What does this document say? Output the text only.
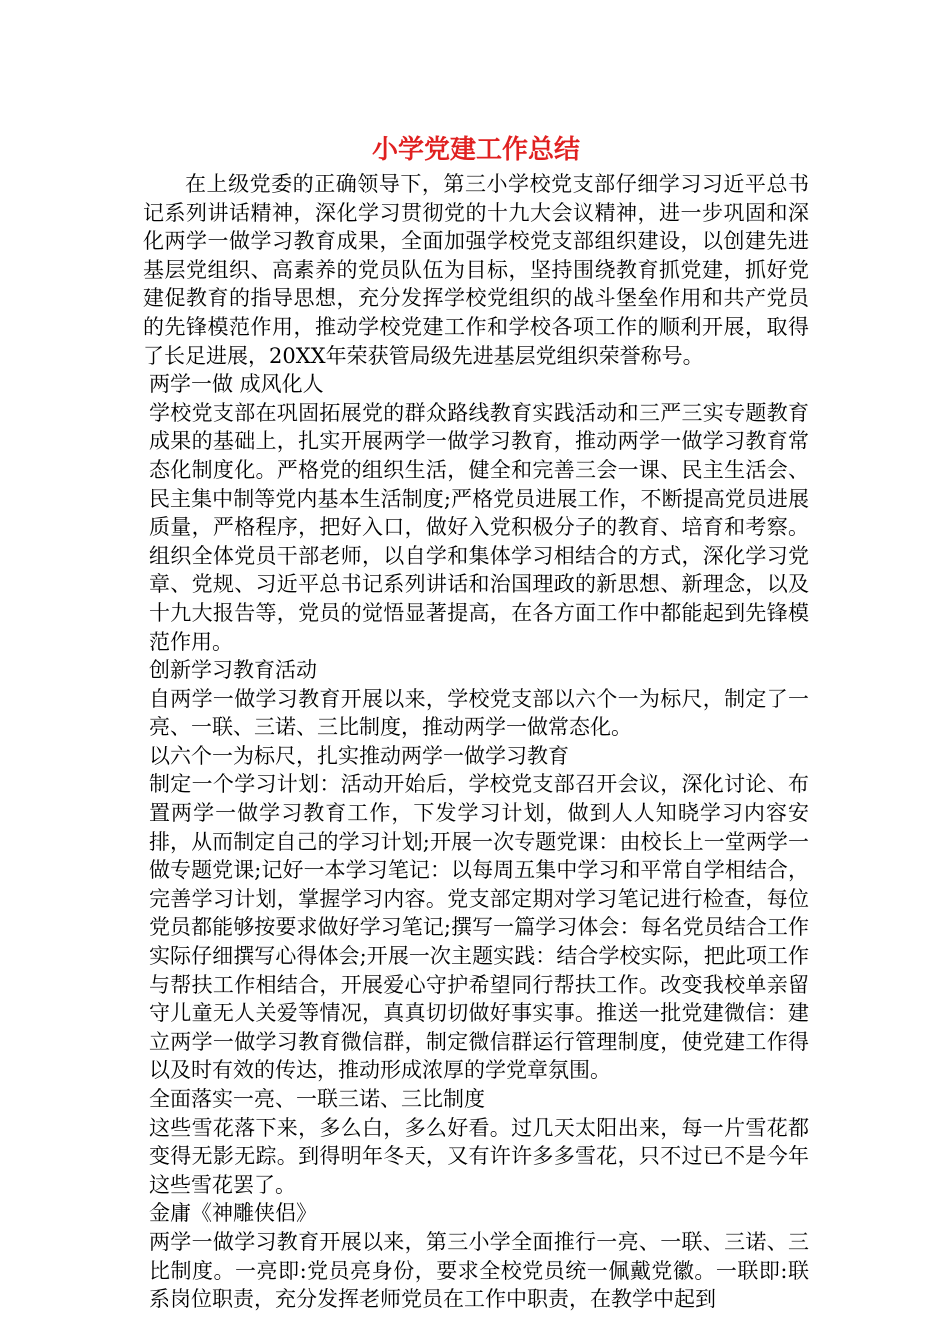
小学党建工作总结

在上级党委的正确领导下，第三小学校党支部仔细学习习近平总书记系列讲话精神，深化学习贯彻党的十九大会议精神，进一步巩固和深化两学一做学习教育成果，全面加强学校党支部组织建设，以创建先进基层党组织、高素养的党员队伍为目标，坚持围绕教育抓党建，抓好党建促教育的指导思想，充分发挥学校党组织的战斗堡垒作用和共产党员的先锋模范作用，推动学校党建工作和学校各项工作的顺利开展，取得了长足进展，20XX年荣获管局级先进基层党组织荣誉称号。

两学一做 成风化人

学校党支部在巩固拓展党的群众路线教育实践活动和三严三实专题教育成果的基础上，扎实开展两学一做学习教育，推动两学一做学习教育常态化制度化。严格党的组织生活，健全和完善三会一课、民主生活会、民主集中制等党内基本生活制度;严格党员进展工作，不断提高党员进展质量，严格程序，把好入口，做好入党积极分子的教育、培育和考察。组织全体党员干部老师，以自学和集体学习相结合的方式，深化学习党章、党规、习近平总书记系列讲话和治国理政的新思想、新理念，以及十九大报告等，党员的觉悟显著提高，在各方面工作中都能起到先锋模范作用。

创新学习教育活动

自两学一做学习教育开展以来，学校党支部以六个一为标尺，制定了一亮、一联、三诺、三比制度，推动两学一做常态化。

以六个一为标尺，扎实推动两学一做学习教育

制定一个学习计划：活动开始后，学校党支部召开会议，深化讨论、布置两学一做学习教育工作，下发学习计划，做到人人知晓学习内容安排，从而制定自己的学习计划;开展一次专题党课：由校长上一堂两学一做专题党课;记好一本学习笔记：以每周五集中学习和平常自学相结合，完善学习计划，掌握学习内容。党支部定期对学习笔记进行检查，每位党员都能够按要求做好学习笔记;撰写一篇学习体会：每名党员结合工作实际仔细撰写心得体会;开展一次主题实践：结合学校实际，把此项工作与帮扶工作相结合，开展爱心守护希望同行帮扶工作。改变我校单亲留守儿童无人关爱等情况，真真切切做好事实事。推送一批党建微信：建立两学一做学习教育微信群，制定微信群运行管理制度，使党建工作得以及时有效的传达，推动形成浓厚的学党章氛围。

全面落实一亮、一联三诺、三比制度

这些雪花落下来，多么白，多么好看。过几天太阳出来，每一片雪花都变得无影无踪。到得明年冬天，又有许许多多雪花，只不过已不是今年这些雪花罢了。

金庸《神雕侠侣》

两学一做学习教育开展以来，第三小学全面推行一亮、一联、三诺、三比制度。一亮即:党员亮身份，要求全校党员统一佩戴党徽。一联即:联系岗位职责，充分发挥老师党员在工作中职责，在教学中起到
